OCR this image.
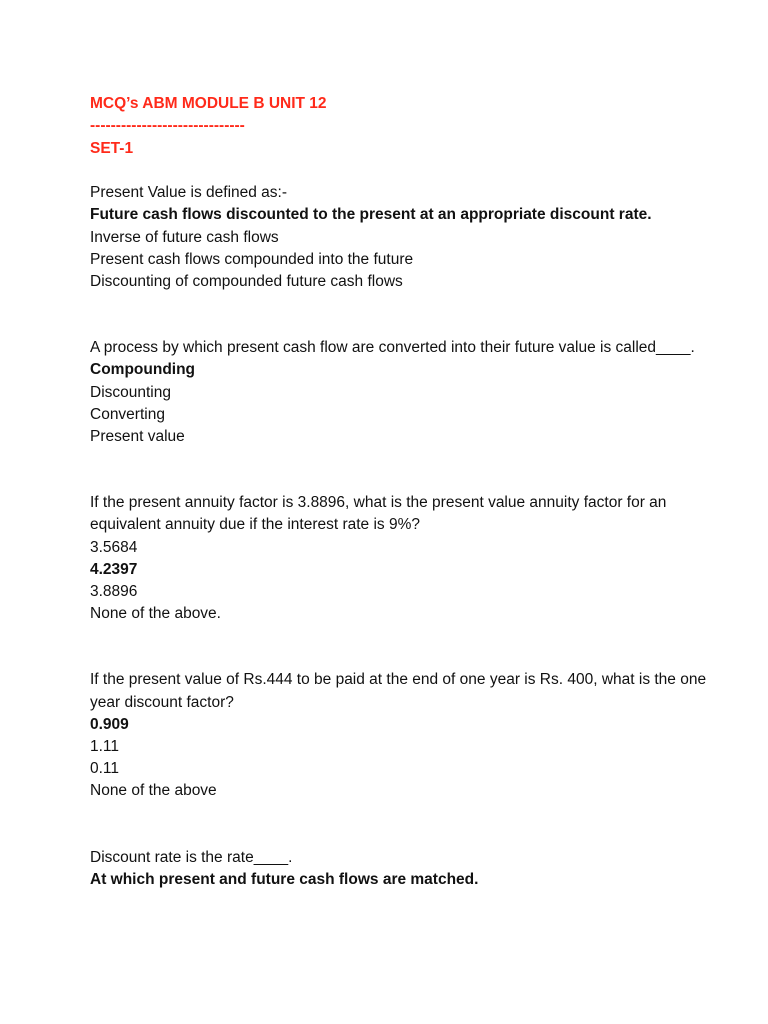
MCQ’s ABM MODULE B UNIT 12
------------------------------
SET-1
Present Value is defined as:-
Future cash flows discounted to the present at an appropriate discount rate.
Inverse of future cash flows
Present cash flows compounded into the future
Discounting of compounded future cash flows
A process by which present cash flow are converted into their future value is called____.
Compounding
Discounting
Converting
Present value
If the present annuity factor is 3.8896, what is the present value annuity factor for an equivalent annuity due if the interest rate is 9%?
3.5684
4.2397
3.8896
None of the above.
If the present value of Rs.444 to be paid at the end of one year is Rs. 400, what is the one year discount factor?
0.909
1.11
0.11
None of the above
Discount rate is the rate____.
At which present and future cash flows are matched.
